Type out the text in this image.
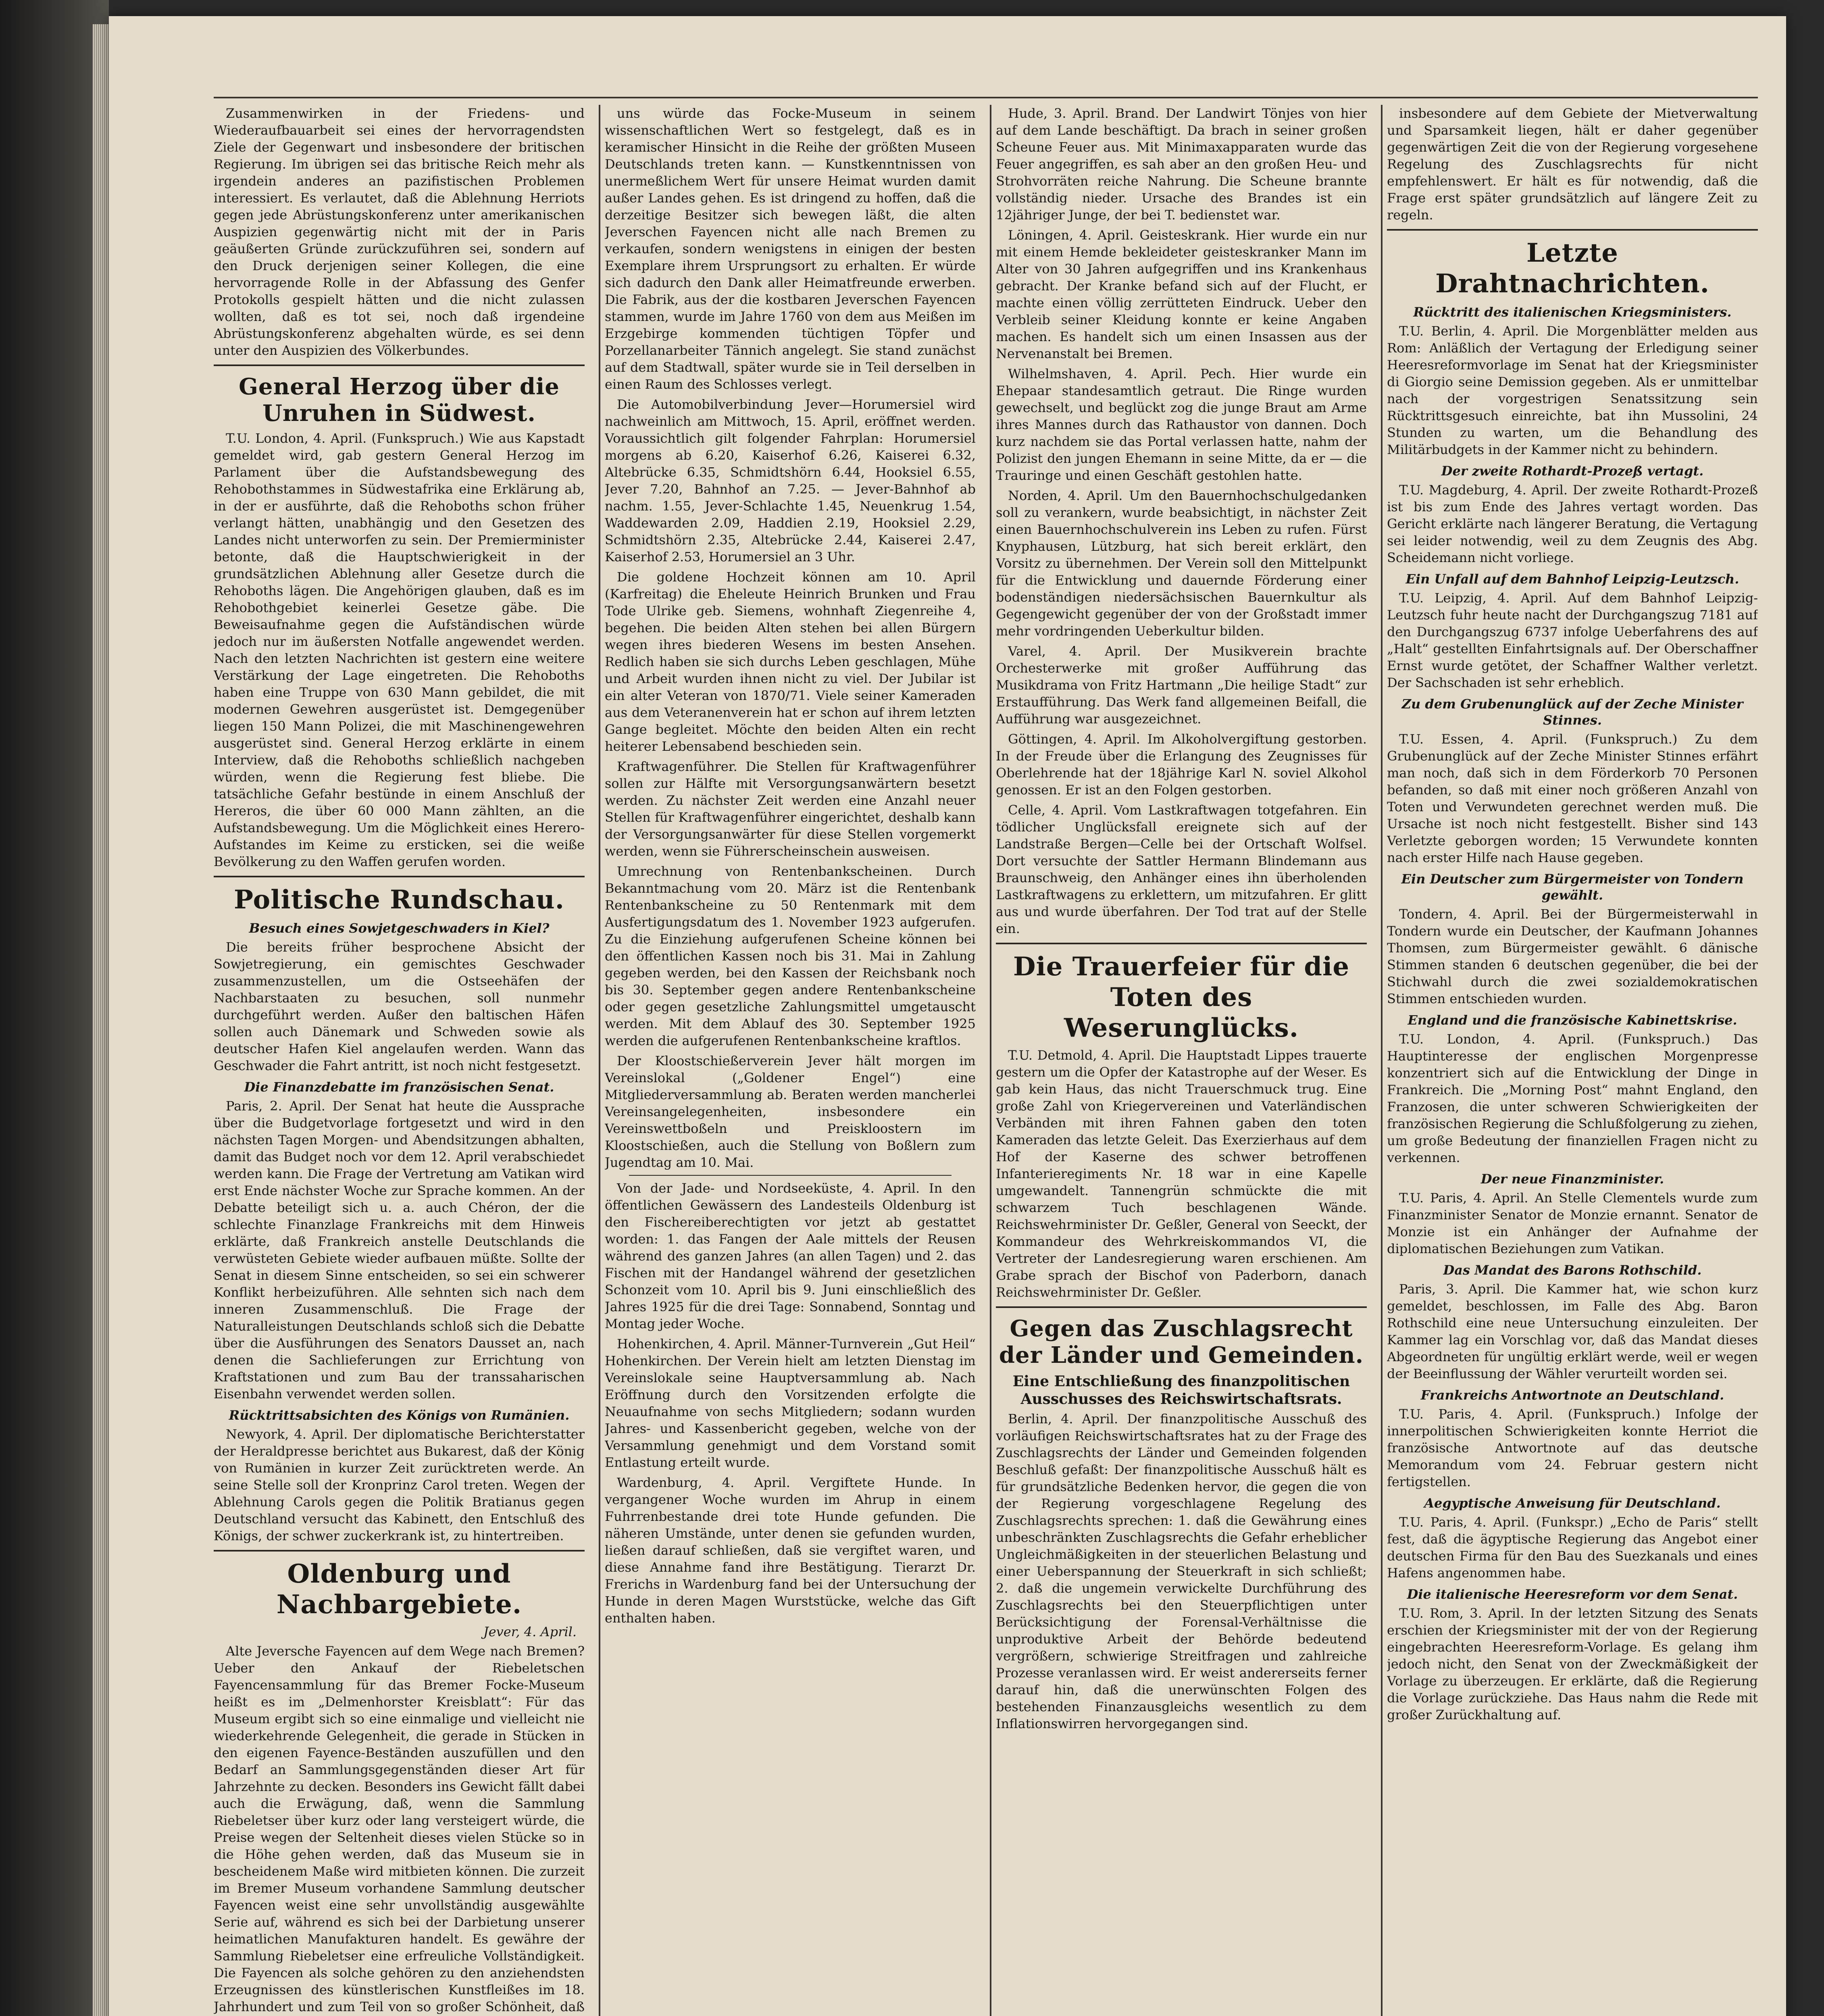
Zusammenwirken in der Friedens- und Wiederaufbauarbeit sei eines der hervorragendsten Ziele der Gegenwart und insbesondere der britischen Regierung. Im übrigen sei das britische Reich mehr als irgendein anderes an pazifistischen Problemen interessiert. Es verlautet, daß die Ablehnung Herriots gegen jede Abrüstungskonferenz unter amerikanischen Auspizien gegenwärtig nicht mit der in Paris geäußerten Gründe zurückzuführen sei, sondern auf den Druck derjenigen seiner Kollegen, die eine hervorragende Rolle in der Abfassung des Genfer Protokolls gespielt hätten und die nicht zulassen wollten, daß es tot sei, noch daß irgendeine Abrüstungskonferenz abgehalten würde, es sei denn unter den Auspizien des Völkerbundes.

General Herzog über die Unruhen in Südwest.

T.U. London, 4. April. (Funkspruch.) Wie aus Kapstadt gemeldet wird, gab gestern General Herzog im Parlament über die Aufstandsbewegung des Rehobothstammes in Südwestafrika eine Erklärung ab, in der er ausführte, daß die Rehoboths schon früher verlangt hätten, unabhängig und den Gesetzen des Landes nicht unterworfen zu sein. Der Premierminister betonte, daß die Hauptschwierigkeit in der grundsätzlichen Ablehnung aller Gesetze durch die Rehoboths lägen. Die Angehörigen glauben, daß es im Rehobothgebiet keinerlei Gesetze gäbe. Die Beweisaufnahme gegen die Aufständischen würde jedoch nur im äußersten Notfalle angewendet werden. Nach den letzten Nachrichten ist gestern eine weitere Verstärkung der Lage eingetreten. Die Rehoboths haben eine Truppe von 630 Mann gebildet, die mit modernen Gewehren ausgerüstet ist. Demgegenüber liegen 150 Mann Polizei, die mit Maschinengewehren ausgerüstet sind. General Herzog erklärte in einem Interview, daß die Rehoboths schließlich nachgeben würden, wenn die Regierung fest bliebe. Die tatsächliche Gefahr bestünde in einem Anschluß der Hereros, die über 60 000 Mann zählten, an die Aufstandsbewegung. Um die Möglichkeit eines Herero-Aufstandes im Keime zu ersticken, sei die weiße Bevölkerung zu den Waffen gerufen worden.

Politische Rundschau.
Besuch eines Sowjetgeschwaders in Kiel?

Die bereits früher besprochene Absicht der Sowjetregierung, ein gemischtes Geschwader zusammenzustellen, um die Ostseehäfen der Nachbarstaaten zu besuchen, soll nunmehr durchgeführt werden. Außer den baltischen Häfen sollen auch Dänemark und Schweden sowie als deutscher Hafen Kiel angelaufen werden. Wann das Geschwader die Fahrt antritt, ist noch nicht festgesetzt.

Die Finanzdebatte im französischen Senat.

Paris, 2. April. Der Senat hat heute die Aussprache über die Budgetvorlage fortgesetzt und wird in den nächsten Tagen Morgen- und Abendsitzungen abhalten, damit das Budget noch vor dem 12. April verabschiedet werden kann. Die Frage der Vertretung am Vatikan wird erst Ende nächster Woche zur Sprache kommen. An der Debatte beteiligt sich u. a. auch Chéron, der die schlechte Finanzlage Frankreichs mit dem Hinweis erklärte, daß Frankreich anstelle Deutschlands die verwüsteten Gebiete wieder aufbauen müßte. Sollte der Senat in diesem Sinne entscheiden, so sei ein schwerer Konflikt herbeizuführen. Alle sehnten sich nach dem inneren Zusammenschluß. Die Frage der Naturalleistungen Deutschlands schloß sich die Debatte über die Ausführungen des Senators Dausset an, nach denen die Sachlieferungen zur Errichtung von Kraftstationen und zum Bau der transsaharischen Eisenbahn verwendet werden sollen.

Rücktrittsabsichten des Königs von Rumänien.

Newyork, 4. April. Der diplomatische Berichterstatter der Heraldpresse berichtet aus Bukarest, daß der König von Rumänien in kurzer Zeit zurücktreten werde. An seine Stelle soll der Kronprinz Carol treten. Wegen der Ablehnung Carols gegen die Politik Bratianus gegen Deutschland versucht das Kabinett, den Entschluß des Königs, der schwer zuckerkrank ist, zu hintertreiben.

Oldenburg und Nachbargebiete.
Jever, 4. April.

Alte Jeversche Fayencen auf dem Wege nach Bremen? Ueber den Ankauf der Riebeletschen Fayencensammlung für das Bremer Focke-Museum heißt es im „Delmenhorster Kreisblatt“: Für das Museum ergibt sich so eine einmalige und vielleicht nie wiederkehrende Gelegenheit, die gerade in Stücken in den eigenen Fayence-Beständen auszufüllen und den Bedarf an Sammlungsgegenständen dieser Art für Jahrzehnte zu decken. Besonders ins Gewicht fällt dabei auch die Erwägung, daß, wenn die Sammlung Riebeletser über kurz oder lang versteigert würde, die Preise wegen der Seltenheit dieses vielen Stücke so in die Höhe gehen werden, daß das Museum sie in bescheidenem Maße wird mitbieten können. Die zurzeit im Bremer Museum vorhandene Sammlung deutscher Fayencen weist eine sehr unvollständig ausgewählte Serie auf, während es sich bei der Darbietung unserer heimatlichen Manufakturen handelt. Es gewähre der Sammlung Riebeletser eine erfreuliche Vollständigkeit. Die Fayencen als solche gehören zu den anziehendsten Erzeugnissen des künstlerischen Kunstfleißes im 18. Jahrhundert und zum Teil von so großer Schönheit, daß

uns würde das Focke-Museum in seinem wissenschaftlichen Wert so festgelegt, daß es in keramischer Hinsicht in die Reihe der größten Museen Deutschlands treten kann. — Kunstkenntnissen von unermeßlichem Wert für unsere Heimat wurden damit außer Landes gehen. Es ist dringend zu hoffen, daß die derzeitige Besitzer sich bewegen läßt, die alten Jeverschen Fayencen nicht alle nach Bremen zu verkaufen, sondern wenigstens in einigen der besten Exemplare ihrem Ursprungsort zu erhalten. Er würde sich dadurch den Dank aller Heimatfreunde erwerben. Die Fabrik, aus der die kostbaren Jeverschen Fayencen stammen, wurde im Jahre 1760 von dem aus Meißen im Erzgebirge kommenden tüchtigen Töpfer und Porzellanarbeiter Tännich angelegt. Sie stand zunächst auf dem Stadtwall, später wurde sie in Teil derselben in einen Raum des Schlosses verlegt.

Die Automobilverbindung Jever—Horumersiel wird nachweinlich am Mittwoch, 15. April, eröffnet werden. Voraussichtlich gilt folgender Fahrplan: Horumersiel morgens ab 6.20, Kaiserhof 6.26, Kaiserei 6.32, Altebrücke 6.35, Schmidtshörn 6.44, Hooksiel 6.55, Jever 7.20, Bahnhof an 7.25. — Jever-Bahnhof ab nachm. 1.55, Jever-Schlachte 1.45, Neuenkrug 1.54, Waddewarden 2.09, Haddien 2.19, Hooksiel 2.29, Schmidtshörn 2.35, Altebrücke 2.44, Kaiserei 2.47, Kaiserhof 2.53, Horumersiel an 3 Uhr.

Die goldene Hochzeit können am 10. April (Karfreitag) die Eheleute Heinrich Brunken und Frau Tode Ulrike geb. Siemens, wohnhaft Ziegenreihe 4, begehen. Die beiden Alten stehen bei allen Bürgern wegen ihres biederen Wesens im besten Ansehen. Redlich haben sie sich durchs Leben geschlagen, Mühe und Arbeit wurden ihnen nicht zu viel. Der Jubilar ist ein alter Veteran von 1870/71. Viele seiner Kameraden aus dem Veteranenverein hat er schon auf ihrem letzten Gange begleitet. Möchte den beiden Alten ein recht heiterer Lebensabend beschieden sein.

Kraftwagenführer. Die Stellen für Kraftwagenführer sollen zur Hälfte mit Versorgungsanwärtern besetzt werden. Zu nächster Zeit werden eine Anzahl neuer Stellen für Kraftwagenführer eingerichtet, deshalb kann der Versorgungsanwärter für diese Stellen vorgemerkt werden, wenn sie Führerscheinschein ausweisen.

Umrechnung von Rentenbankscheinen. Durch Bekanntmachung vom 20. März ist die Rentenbank Rentenbankscheine zu 50 Rentenmark mit dem Ausfertigungsdatum des 1. November 1923 aufgerufen. Zu die Einziehung aufgerufenen Scheine können bei den öffentlichen Kassen noch bis 31. Mai in Zahlung gegeben werden, bei den Kassen der Reichsbank noch bis 30. September gegen andere Rentenbankscheine oder gegen gesetzliche Zahlungsmittel umgetauscht werden. Mit dem Ablauf des 30. September 1925 werden die aufgerufenen Rentenbankscheine kraftlos.

Der Kloostschießerverein Jever hält morgen im Vereinslokal („Goldener Engel“) eine Mitgliederversammlung ab. Beraten werden mancherlei Vereinsangelegenheiten, insbesondere ein Vereinswettboßeln und Preiskloostern im Kloostschießen, auch die Stellung von Boßlern zum Jugendtag am 10. Mai.

Von der Jade- und Nordseeküste, 4. April. In den öffentlichen Gewässern des Landesteils Oldenburg ist den Fischereiberechtigten vor jetzt ab gestattet worden: 1. das Fangen der Aale mittels der Reusen während des ganzen Jahres (an allen Tagen) und 2. das Fischen mit der Handangel während der gesetzlichen Schonzeit vom 10. April bis 9. Juni einschließlich des Jahres 1925 für die drei Tage: Sonnabend, Sonntag und Montag jeder Woche.

Hohenkirchen, 4. April. Männer-Turnverein „Gut Heil“ Hohenkirchen. Der Verein hielt am letzten Dienstag im Vereinslokale seine Hauptversammlung ab. Nach Eröffnung durch den Vorsitzenden erfolgte die Neuaufnahme von sechs Mitgliedern; sodann wurden Jahres- und Kassenbericht gegeben, welche von der Versammlung genehmigt und dem Vorstand somit Entlastung erteilt wurde.

Wardenburg, 4. April. Vergiftete Hunde. In vergangener Woche wurden im Ahrup in einem Fuhrrenbestande drei tote Hunde gefunden. Die näheren Umstände, unter denen sie gefunden wurden, ließen darauf schließen, daß sie vergiftet waren, und diese Annahme fand ihre Bestätigung. Tierarzt Dr. Frerichs in Wardenburg fand bei der Untersuchung der Hunde in deren Magen Wurststücke, welche das Gift enthalten haben.

Hude, 3. April. Brand. Der Landwirt Tönjes von hier auf dem Lande beschäftigt. Da brach in seiner großen Scheune Feuer aus. Mit Minimaxapparaten wurde das Feuer angegriffen, es sah aber an den großen Heu- und Strohvorräten reiche Nahrung. Die Scheune brannte vollständig nieder. Ursache des Brandes ist ein 12jähriger Junge, der bei T. bedienstet war.

Löningen, 4. April. Geisteskrank. Hier wurde ein nur mit einem Hemde bekleideter geisteskranker Mann im Alter von 30 Jahren aufgegriffen und ins Krankenhaus gebracht. Der Kranke befand sich auf der Flucht, er machte einen völlig zerrütteten Eindruck. Ueber den Verbleib seiner Kleidung konnte er keine Angaben machen. Es handelt sich um einen Insassen aus der Nervenanstalt bei Bremen.

Wilhelmshaven, 4. April. Pech. Hier wurde ein Ehepaar standesamtlich getraut. Die Ringe wurden gewechselt, und beglückt zog die junge Braut am Arme ihres Mannes durch das Rathaustor von dannen. Doch kurz nachdem sie das Portal verlassen hatte, nahm der Polizist den jungen Ehemann in seine Mitte, da er — die Trauringe und einen Geschäft gestohlen hatte.

Norden, 4. April. Um den Bauernhochschulgedanken soll zu verankern, wurde beabsichtigt, in nächster Zeit einen Bauernhochschulverein ins Leben zu rufen. Fürst Knyphausen, Lützburg, hat sich bereit erklärt, den Vorsitz zu übernehmen. Der Verein soll den Mittelpunkt für die Entwicklung und dauernde Förderung einer bodenständigen niedersächsischen Bauernkultur als Gegengewicht gegenüber der von der Großstadt immer mehr vordringenden Ueberkultur bilden.

Varel, 4. April. Der Musikverein brachte Orchesterwerke mit großer Aufführung das Musikdrama von Fritz Hartmann „Die heilige Stadt“ zur Erstaufführung. Das Werk fand allgemeinen Beifall, die Aufführung war ausgezeichnet.

Göttingen, 4. April. Im Alkoholvergiftung gestorben. In der Freude über die Erlangung des Zeugnisses für Oberlehrende hat der 18jährige Karl N. soviel Alkohol genossen. Er ist an den Folgen gestorben.

Celle, 4. April. Vom Lastkraftwagen totgefahren. Ein tödlicher Unglücksfall ereignete sich auf der Landstraße Bergen—Celle bei der Ortschaft Wolfsel. Dort versuchte der Sattler Hermann Blindemann aus Braunschweig, den Anhänger eines ihn überholenden Lastkraftwagens zu erklettern, um mitzufahren. Er glitt aus und wurde überfahren. Der Tod trat auf der Stelle ein.

Die Trauerfeier für die Toten des Weserunglücks.

T.U. Detmold, 4. April. Die Hauptstadt Lippes trauerte gestern um die Opfer der Katastrophe auf der Weser. Es gab kein Haus, das nicht Trauerschmuck trug. Eine große Zahl von Kriegervereinen und Vaterländischen Verbänden mit ihren Fahnen gaben den toten Kameraden das letzte Geleit. Das Exerzierhaus auf dem Hof der Kaserne des schwer betroffenen Infanterieregiments Nr. 18 war in eine Kapelle umgewandelt. Tannengrün schmückte die mit schwarzem Tuch beschlagenen Wände. Reichswehrminister Dr. Geßler, General von Seeckt, der Kommandeur des Wehrkreiskommandos VI, die Vertreter der Landesregierung waren erschienen. Am Grabe sprach der Bischof von Paderborn, danach Reichswehrminister Dr. Geßler.

Gegen das Zuschlagsrecht der Länder und Gemeinden.
Eine Entschließung des finanzpolitischen Ausschusses des Reichswirtschaftsrats.

Berlin, 4. April. Der finanzpolitische Ausschuß des vorläufigen Reichswirtschaftsrates hat zu der Frage des Zuschlagsrechts der Länder und Gemeinden folgenden Beschluß gefaßt: Der finanzpolitische Ausschuß hält es für grundsätzliche Bedenken hervor, die gegen die von der Regierung vorgeschlagene Regelung des Zuschlagsrechts sprechen: 1. daß die Gewährung eines unbeschränkten Zuschlagsrechts die Gefahr erheblicher Ungleichmäßigkeiten in der steuerlichen Belastung und einer Ueberspannung der Steuerkraft in sich schließt; 2. daß die ungemein verwickelte Durchführung des Zuschlagsrechts bei den Steuerpflichtigen unter Berücksichtigung der Forensal-Verhältnisse die unproduktive Arbeit der Behörde bedeutend vergrößern, schwierige Streitfragen und zahlreiche Prozesse veranlassen wird. Er weist andererseits ferner darauf hin, daß die unerwünschten Folgen des bestehenden Finanzausgleichs wesentlich zu dem Inflationswirren hervorgegangen sind.

insbesondere auf dem Gebiete der Mietverwaltung und Sparsamkeit liegen, hält er daher gegenüber gegenwärtigen Zeit die von der Regierung vorgesehene Regelung des Zuschlagsrechts für nicht empfehlenswert. Er hält es für notwendig, daß die Frage erst später grundsätzlich auf längere Zeit zu regeln.

Letzte Drahtnachrichten.
Rücktritt des italienischen Kriegsministers.

T.U. Berlin, 4. April. Die Morgenblätter melden aus Rom: Anläßlich der Vertagung der Erledigung seiner Heeresreformvorlage im Senat hat der Kriegsminister di Giorgio seine Demission gegeben. Als er unmittelbar nach der vorgestrigen Senatssitzung sein Rücktrittsgesuch einreichte, bat ihn Mussolini, 24 Stunden zu warten, um die Behandlung des Militärbudgets in der Kammer nicht zu behindern.

Der zweite Rothardt-Prozeß vertagt.

T.U. Magdeburg, 4. April. Der zweite Rothardt-Prozeß ist bis zum Ende des Jahres vertagt worden. Das Gericht erklärte nach längerer Beratung, die Vertagung sei leider notwendig, weil zu dem Zeugnis des Abg. Scheidemann nicht vorliege.

Ein Unfall auf dem Bahnhof Leipzig-Leutzsch.

T.U. Leipzig, 4. April. Auf dem Bahnhof Leipzig-Leutzsch fuhr heute nacht der Durchgangszug 7181 auf den Durchgangszug 6737 infolge Ueberfahrens des auf „Halt“ gestellten Einfahrtsignals auf. Der Oberschaffner Ernst wurde getötet, der Schaffner Walther verletzt. Der Sachschaden ist sehr erheblich.

Zu dem Grubenunglück auf der Zeche Minister Stinnes.

T.U. Essen, 4. April. (Funkspruch.) Zu dem Grubenunglück auf der Zeche Minister Stinnes erfährt man noch, daß sich in dem Förderkorb 70 Personen befanden, so daß mit einer noch größeren Anzahl von Toten und Verwundeten gerechnet werden muß. Die Ursache ist noch nicht festgestellt. Bisher sind 143 Verletzte geborgen worden; 15 Verwundete konnten nach erster Hilfe nach Hause gegeben.

Ein Deutscher zum Bürgermeister von Tondern gewählt.

Tondern, 4. April. Bei der Bürgermeisterwahl in Tondern wurde ein Deutscher, der Kaufmann Johannes Thomsen, zum Bürgermeister gewählt. 6 dänische Stimmen standen 6 deutschen gegenüber, die bei der Stichwahl durch die zwei sozialdemokratischen Stimmen entschieden wurden.

England und die französische Kabinettskrise.

T.U. London, 4. April. (Funkspruch.) Das Hauptinteresse der englischen Morgenpresse konzentriert sich auf die Entwicklung der Dinge in Frankreich. Die „Morning Post“ mahnt England, den Franzosen, die unter schweren Schwierigkeiten der französischen Regierung die Schlußfolgerung zu ziehen, um große Bedeutung der finanziellen Fragen nicht zu verkennen.

Der neue Finanzminister.

T.U. Paris, 4. April. An Stelle Clementels wurde zum Finanzminister Senator de Monzie ernannt. Senator de Monzie ist ein Anhänger der Aufnahme der diplomatischen Beziehungen zum Vatikan.

Das Mandat des Barons Rothschild.

Paris, 3. April. Die Kammer hat, wie schon kurz gemeldet, beschlossen, im Falle des Abg. Baron Rothschild eine neue Untersuchung einzuleiten. Der Kammer lag ein Vorschlag vor, daß das Mandat dieses Abgeordneten für ungültig erklärt werde, weil er wegen der Beeinflussung der Wähler verurteilt worden sei.

Frankreichs Antwortnote an Deutschland.

T.U. Paris, 4. April. (Funkspruch.) Infolge der innerpolitischen Schwierigkeiten konnte Herriot die französische Antwortnote auf das deutsche Memorandum vom 24. Februar gestern nicht fertigstellen.

Aegyptische Anweisung für Deutschland.

T.U. Paris, 4. April. (Funkspr.) „Echo de Paris“ stellt fest, daß die ägyptische Regierung das Angebot einer deutschen Firma für den Bau des Suezkanals und eines Hafens angenommen habe.

Die italienische Heeresreform vor dem Senat.

T.U. Rom, 3. April. In der letzten Sitzung des Senats erschien der Kriegsminister mit der von der Regierung eingebrachten Heeresreform-Vorlage. Es gelang ihm jedoch nicht, den Senat von der Zweckmäßigkeit der Vorlage zu überzeugen. Er erklärte, daß die Regierung die Vorlage zurückziehe. Das Haus nahm die Rede mit großer Zurückhaltung auf.
